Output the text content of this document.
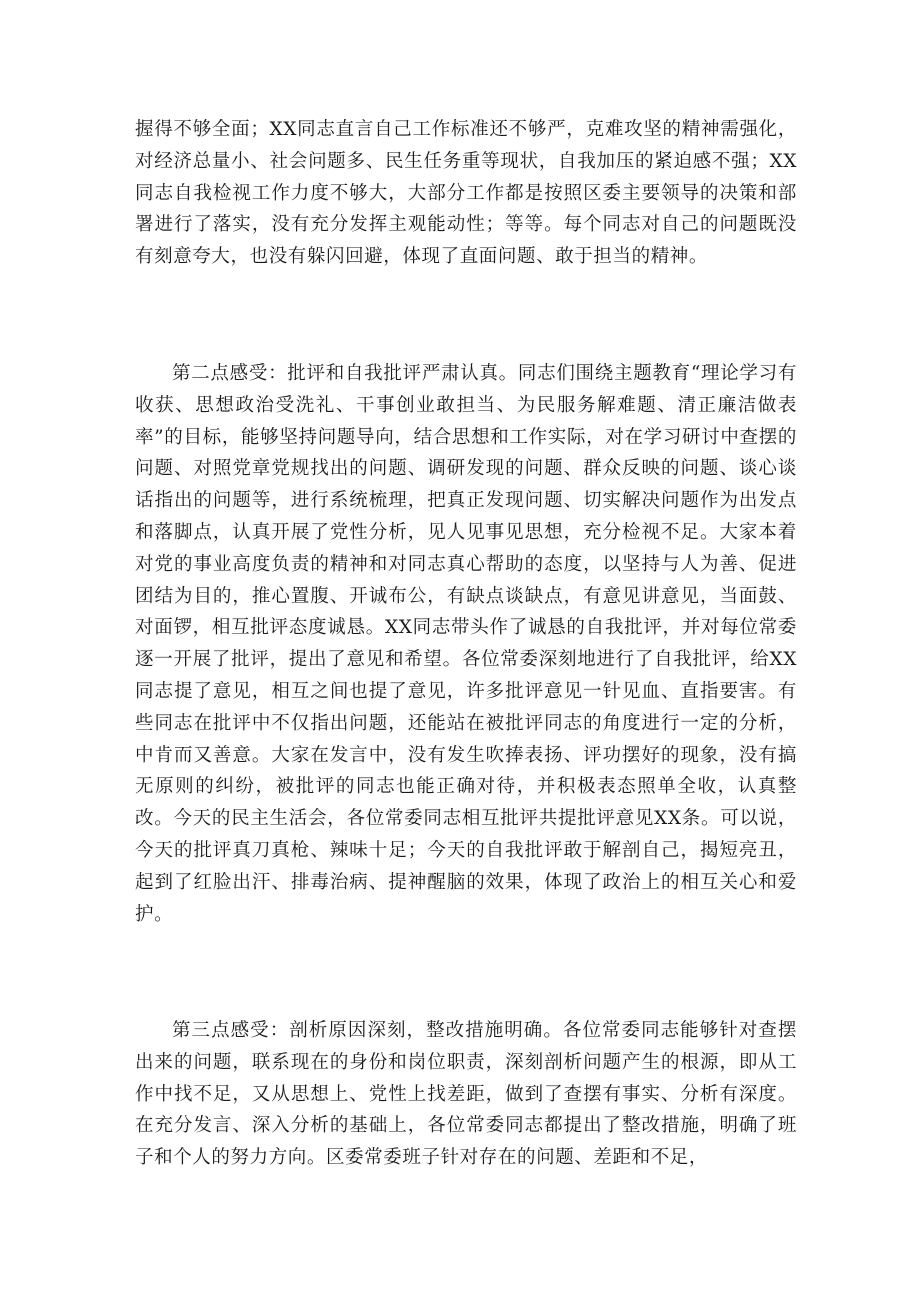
握得不够全面；XX同志直言自己工作标准还不够严，克难攻坚的精神需强化，对经济总量小、社会问题多、民生任务重等现状，自我加压的紧迫感不强；XX同志自我检视工作力度不够大，大部分工作都是按照区委主要领导的决策和部署进行了落实，没有充分发挥主观能动性；等等。每个同志对自己的问题既没有刻意夸大，也没有躲闪回避，体现了直面问题、敢于担当的精神。

第二点感受：批评和自我批评严肃认真。同志们围绕主题教育“理论学习有收获、思想政治受洗礼、干事创业敢担当、为民服务解难题、清正廉洁做表率”的目标，能够坚持问题导向，结合思想和工作实际，对在学习研讨中查摆的问题、对照党章党规找出的问题、调研发现的问题、群众反映的问题、谈心谈话指出的问题等，进行系统梳理，把真正发现问题、切实解决问题作为出发点和落脚点，认真开展了党性分析，见人见事见思想，充分检视不足。大家本着对党的事业高度负责的精神和对同志真心帮助的态度，以坚持与人为善、促进团结为目的，推心置腹、开诚布公，有缺点谈缺点，有意见讲意见，当面鼓、对面锣，相互批评态度诚恳。XX同志带头作了诚恳的自我批评，并对每位常委逐一开展了批评，提出了意见和希望。各位常委深刻地进行了自我批评，给XX同志提了意见，相互之间也提了意见，许多批评意见一针见血、直指要害。有些同志在批评中不仅指出问题，还能站在被批评同志的角度进行一定的分析，中肯而又善意。大家在发言中，没有发生吹捧表扬、评功摆好的现象，没有搞无原则的纠纷，被批评的同志也能正确对待，并积极表态照单全收，认真整改。今天的民主生活会，各位常委同志相互批评共提批评意见XX条。可以说，今天的批评真刀真枪、辣味十足；今天的自我批评敢于解剖自己，揭短亮丑，起到了红脸出汗、排毒治病、提神醒脑的效果，体现了政治上的相互关心和爱护。

第三点感受：剖析原因深刻，整改措施明确。各位常委同志能够针对查摆出来的问题，联系现在的身份和岗位职责，深刻剖析问题产生的根源，即从工作中找不足，又从思想上、党性上找差距，做到了查摆有事实、分析有深度。在充分发言、深入分析的基础上，各位常委同志都提出了整改措施，明确了班子和个人的努力方向。区委常委班子针对存在的问题、差距和不足，
